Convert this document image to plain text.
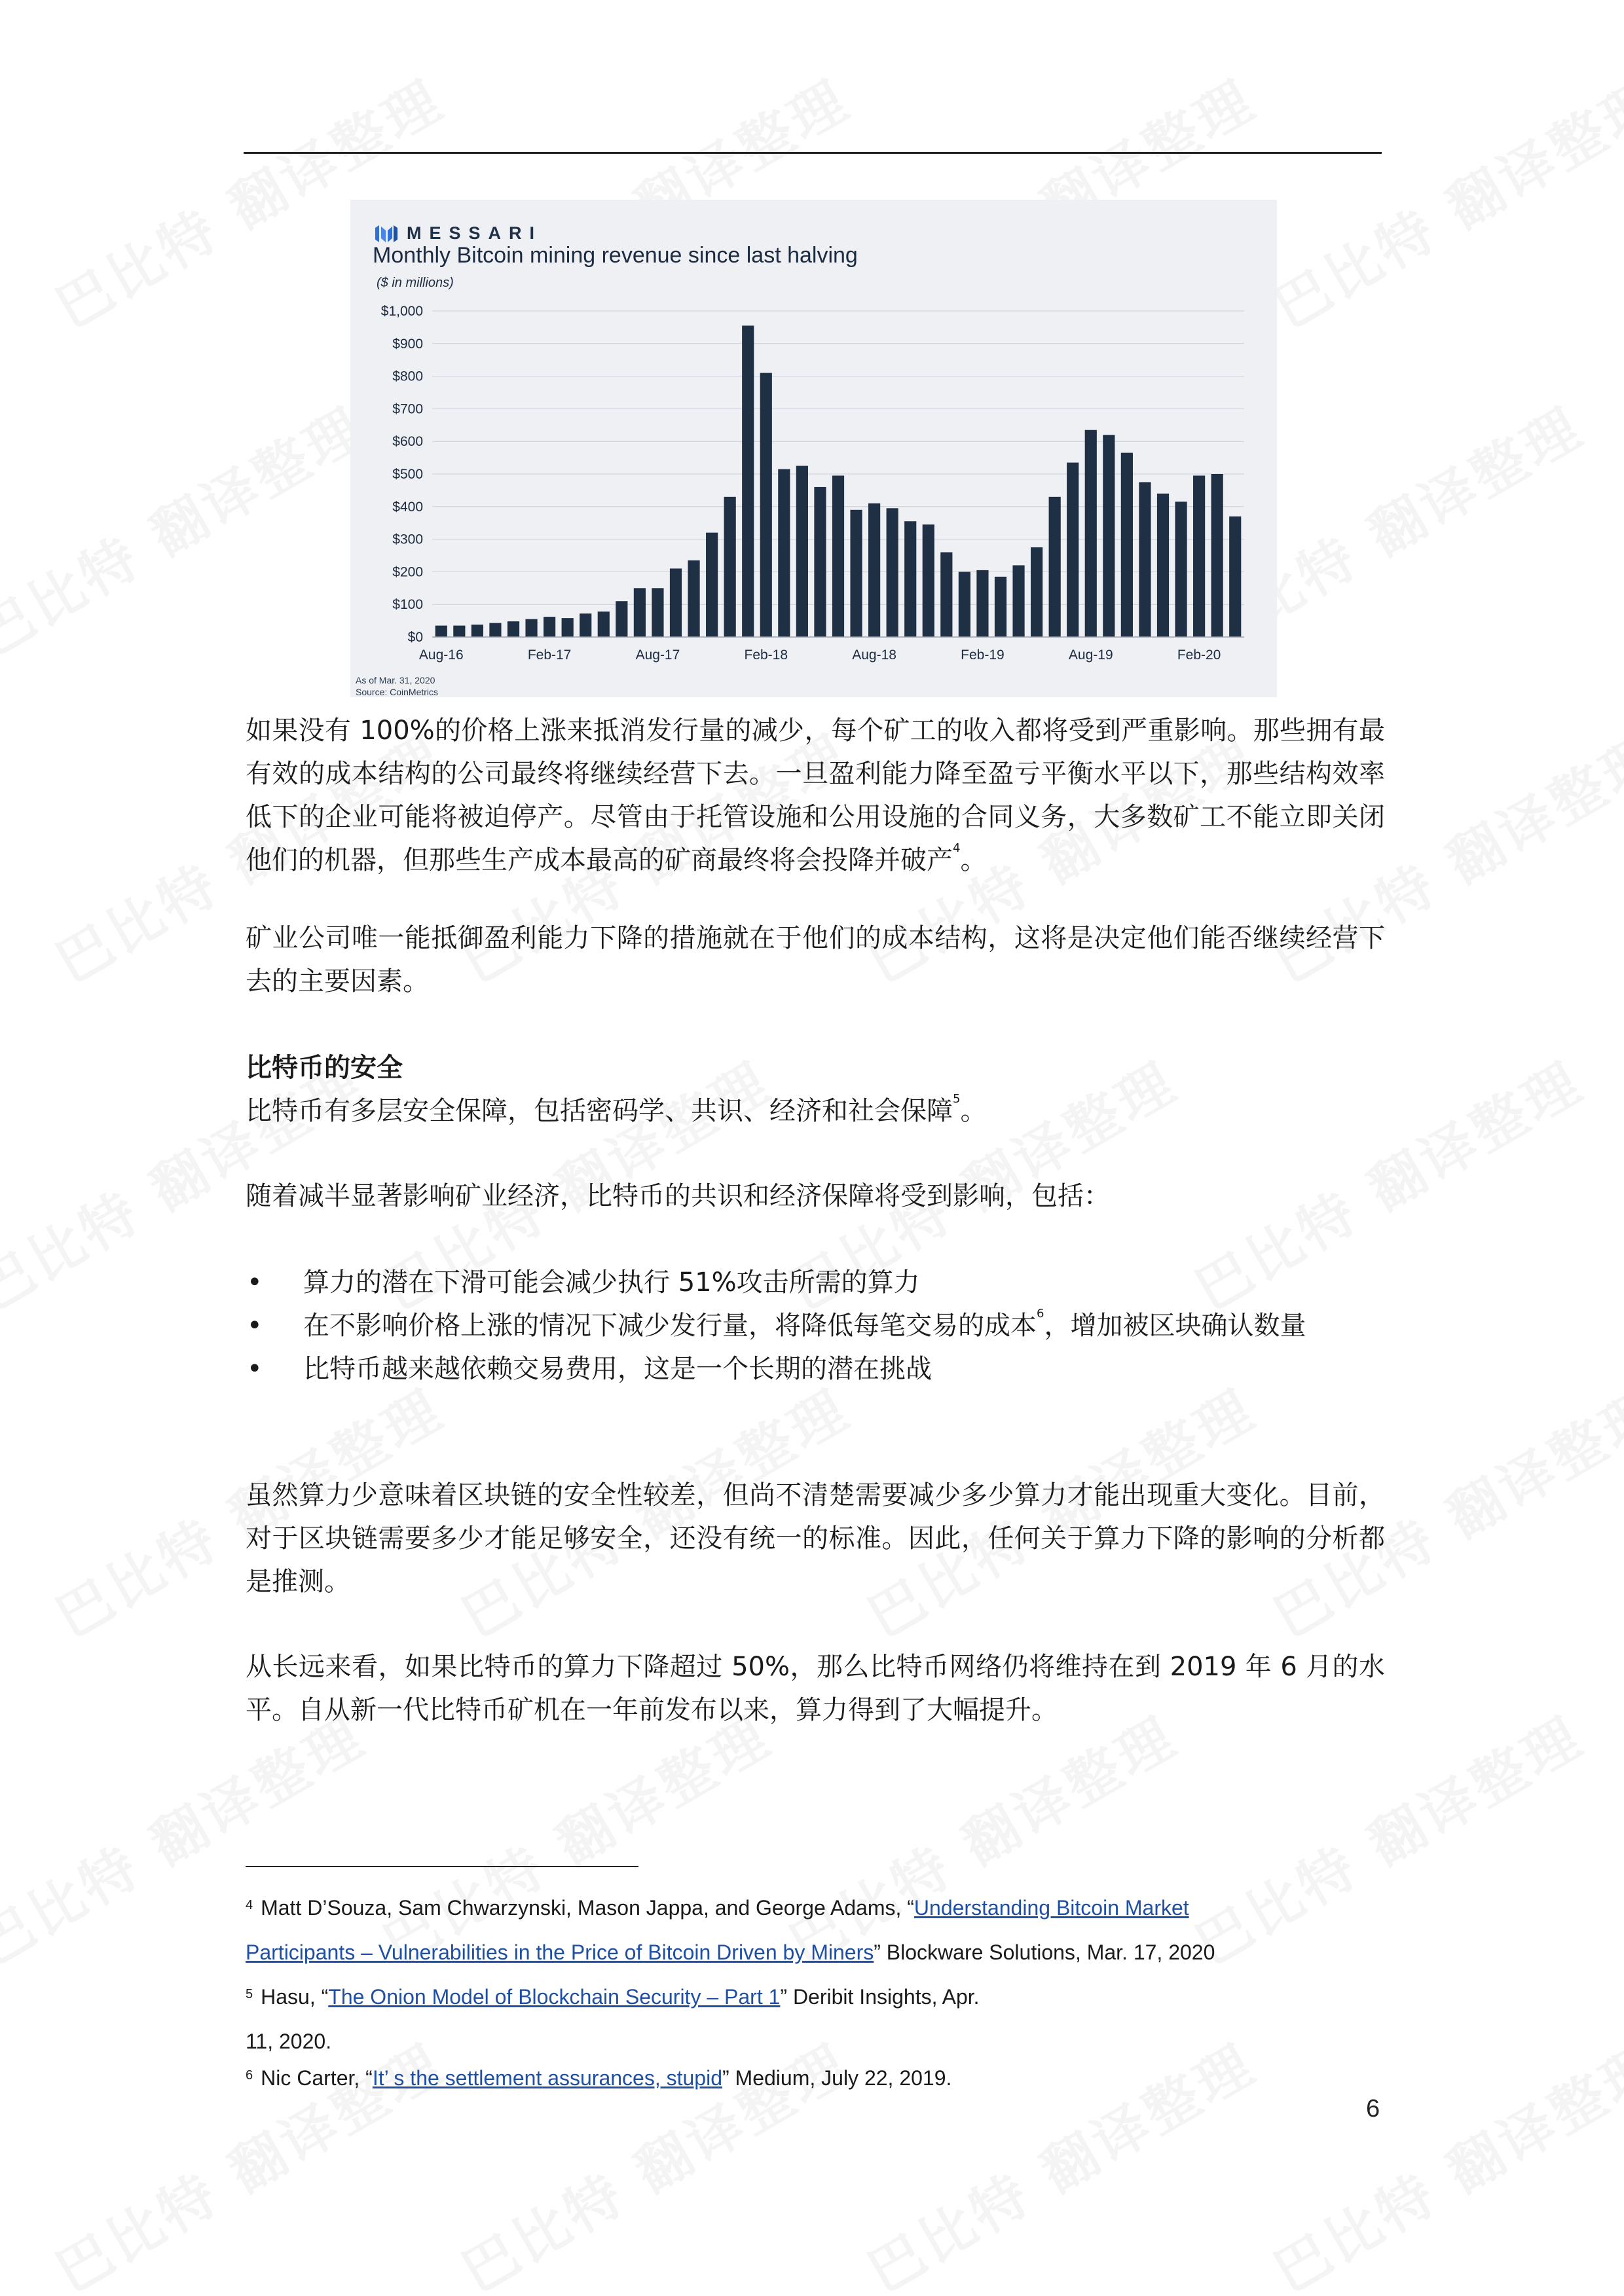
$0
$100
$200
$300
$400
$500
$600
$700
$800
$900
$1,000
Aug-16	Feb-17	Aug-17	Feb-18	Aug-18	Feb-19	Aug-19	Feb-20
MESSARI
Monthly Bitcoin mining revenue since last halving
($ in millions)
As of Mar. 31, 2020
Source: CoinMetrics

如果没有 100%的价格上涨来抵消发行量的减少，每个矿工的收入都将受到严重影响。那些拥有最有效的成本结构的公司最终将继续经营下去。一旦盈利能力降至盈亏平衡水平以下，那些结构效率低下的企业可能将被迫停产。尽管由于托管设施和公用设施的合同义务，大多数矿工不能立即关闭他们的机器，但那些生产成本最高的矿商最终将会投降并破产$^4$。

矿业公司唯一能抵御盈利能力下降的措施就在于他们的成本结构，这将是决定他们能否继续经营下去的主要因素。

比特币的安全

比特币有多层安全保障，包括密码学、共识、经济和社会保障$^5$。

随着减半显著影响矿业经济，比特币的共识和经济保障将受到影响，包括：

• 算力的潜在下滑可能会减少执行 51%攻击所需的算力
• 在不影响价格上涨的情况下减少发行量，将降低每笔交易的成本$^6$，增加被区块确认数量
• 比特币越来越依赖交易费用，这是一个长期的潜在挑战

虽然算力少意味着区块链的安全性较差，但尚不清楚需要减少多少算力才能出现重大变化。目前，对于区块链需要多少才能足够安全，还没有统一的标准。因此，任何关于算力下降的影响的分析都是推测。

从长远来看，如果比特币的算力下降超过 50%，那么比特币网络仍将维持在到 2019 年 6 月的水平。自从新一代比特币矿机在一年前发布以来，算力得到了大幅提升。

$^4$ Matt D’Souza, Sam Chwarzynski, Mason Jappa, and George Adams, “Understanding Bitcoin Market
Participants – Vulnerabilities in the Price of Bitcoin Driven by Miners” Blockware Solutions, Mar. 17, 2020
$^5$ Hasu, “The Onion Model of Blockchain Security – Part 1” Deribit Insights, Apr.
11, 2020.
$^6$ Nic Carter, “It’ s the settlement assurances, stupid” Medium, July 22, 2019.
6
